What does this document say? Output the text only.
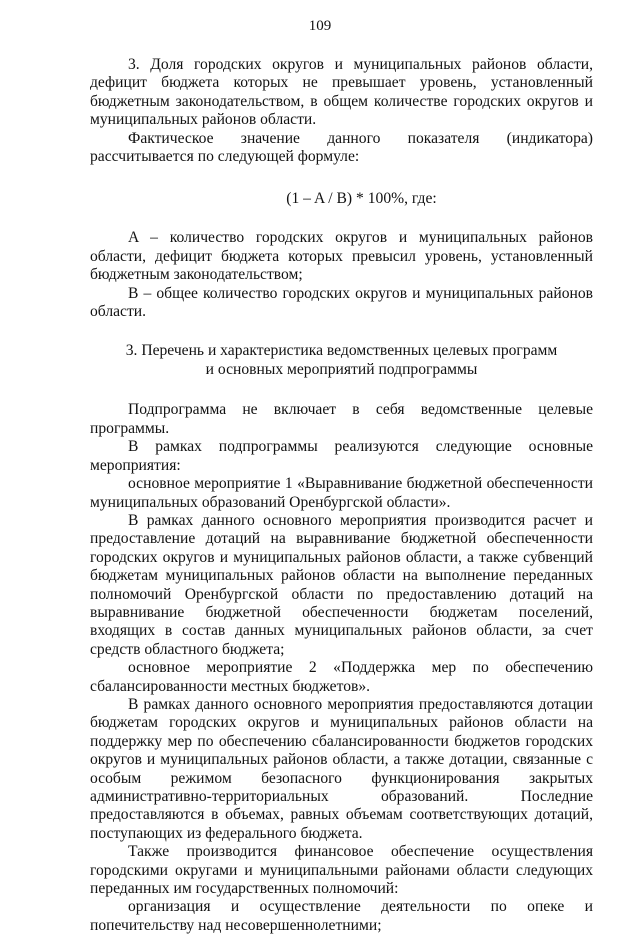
109

3. Доля городских округов и муниципальных районов области, дефицит бюджета которых не превышает уровень, установленный бюджетным законодательством, в общем количестве городских округов и муниципальных районов области.

Фактическое значение данного показателя (индикатора) рассчитывается по следующей формуле:

(1 – A / B) * 100%, где:

A – количество городских округов и муниципальных районов области, дефицит бюджета которых превысил уровень, установленный бюджетным законодательством;

B – общее количество городских округов и муниципальных районов области.

3. Перечень и характеристика ведомственных целевых программ
и основных мероприятий подпрограммы

Подпрограмма не включает в себя ведомственные целевые программы.

В рамках подпрограммы реализуются следующие основные мероприятия:

основное мероприятие 1 «Выравнивание бюджетной обеспеченности муниципальных образований Оренбургской области».

В рамках данного основного мероприятия производится расчет и предоставление дотаций на выравнивание бюджетной обеспеченности городских округов и муниципальных районов области, а также субвенций бюджетам муниципальных районов области на выполнение переданных полномочий Оренбургской области по предоставлению дотаций на выравнивание бюджетной обеспеченности бюджетам поселений, входящих в состав данных муниципальных районов области, за счет средств областного бюджета;

основное мероприятие 2 «Поддержка мер по обеспечению сбалансированности местных бюджетов».

В рамках данного основного мероприятия предоставляются дотации бюджетам городских округов и муниципальных районов области на поддержку мер по обеспечению сбалансированности бюджетов городских округов и муниципальных районов области, а также дотации, связанные с особым режимом безопасного функционирования закрытых административно-территориальных образований. Последние предоставляются в объемах, равных объемам соответствующих дотаций, поступающих из федерального бюджета.

Также производится финансовое обеспечение осуществления городскими округами и муниципальными районами области следующих переданных им государственных полномочий:

организация и осуществление деятельности по опеке и попечительству над несовершеннолетними;
